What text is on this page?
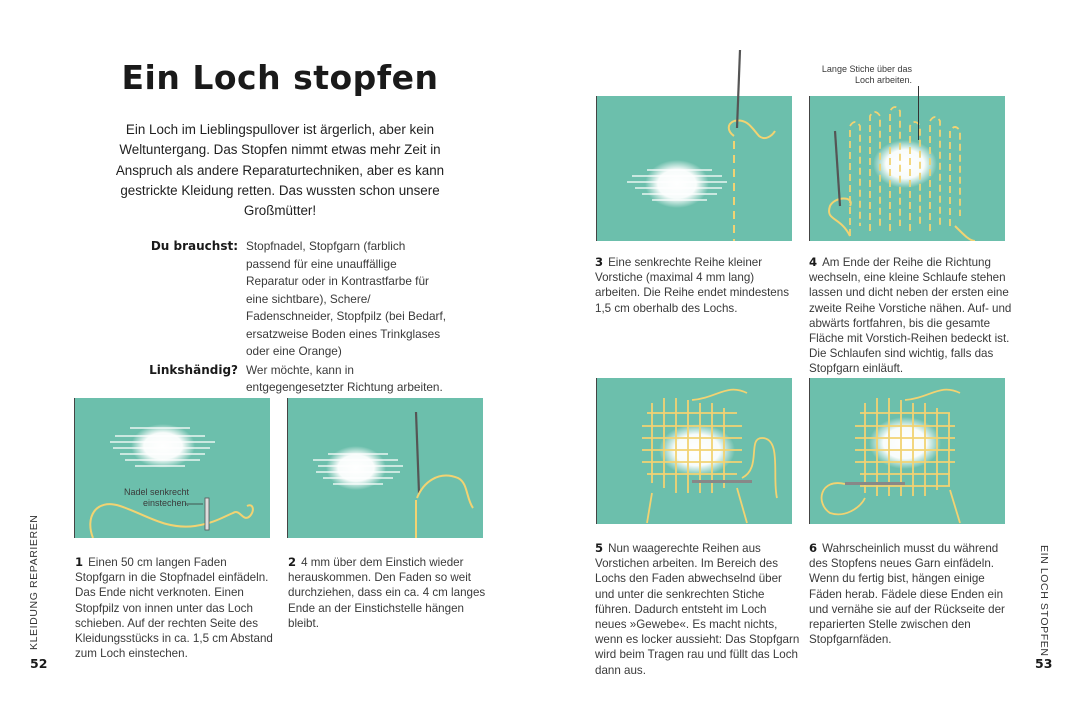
Ein Loch stopfen
Ein Loch im Lieblingspullover ist ärgerlich, aber kein Weltuntergang. Das Stopfen nimmt etwas mehr Zeit in Anspruch als andere Reparaturtechniken, aber es kann gestrickte Kleidung retten. Das wussten schon unsere Großmütter!
Du brauchst: Stopfnadel, Stopfgarn (farblich passend für eine unauffällige Reparatur oder in Kontrastfarbe für eine sichtbare), Schere/ Fadenschneider, Stopfpilz (bei Bedarf, ersatzweise Boden eines Trinkglases oder eine Orange)
Linkshändig? Wer möchte, kann in entgegengesetzter Richtung arbeiten.
Nadel senkrecht einstechen.
1 Einen 50 cm langen Faden Stopfgarn in die Stopfnadel einfädeln. Das Ende nicht verknoten. Einen Stopfpilz von innen unter das Loch schieben. Auf der rechten Seite des Kleidungsstücks in ca. 1,5 cm Abstand zum Loch einstechen.
2 4 mm über dem Einstich wieder herauskommen. Den Faden so weit durchziehen, dass ein ca. 4 cm langes Ende an der Einstichstelle hängen bleibt.
KLEIDUNG REPARIEREN
52
Lange Stiche über das Loch arbeiten.
3 Eine senkrechte Reihe kleiner Vorstiche (maximal 4 mm lang) arbeiten. Die Reihe endet mindestens 1,5 cm oberhalb des Lochs.
4 Am Ende der Reihe die Richtung wechseln, eine kleine Schlaufe stehen lassen und dicht neben der ersten eine zweite Reihe Vorstiche nähen. Auf- und abwärts fortfahren, bis die gesamte Fläche mit Vorstich-Reihen bedeckt ist. Die Schlaufen sind wichtig, falls das Stopfgarn einläuft.
5 Nun waagerechte Reihen aus Vorstichen arbeiten. Im Bereich des Lochs den Faden abwechselnd über und unter die senkrechten Stiche führen. Dadurch entsteht im Loch neues »Gewebe«. Es macht nichts, wenn es locker aussieht: Das Stopfgarn wird beim Tragen rau und füllt das Loch dann aus.
6 Wahrscheinlich musst du während des Stopfens neues Garn einfädeln. Wenn du fertig bist, hängen einige Fäden herab. Fädele diese Enden ein und vernähe sie auf der Rückseite der reparierten Stelle zwischen den Stopfgarnfäden.	EIN LOCH STOPFEN
53
